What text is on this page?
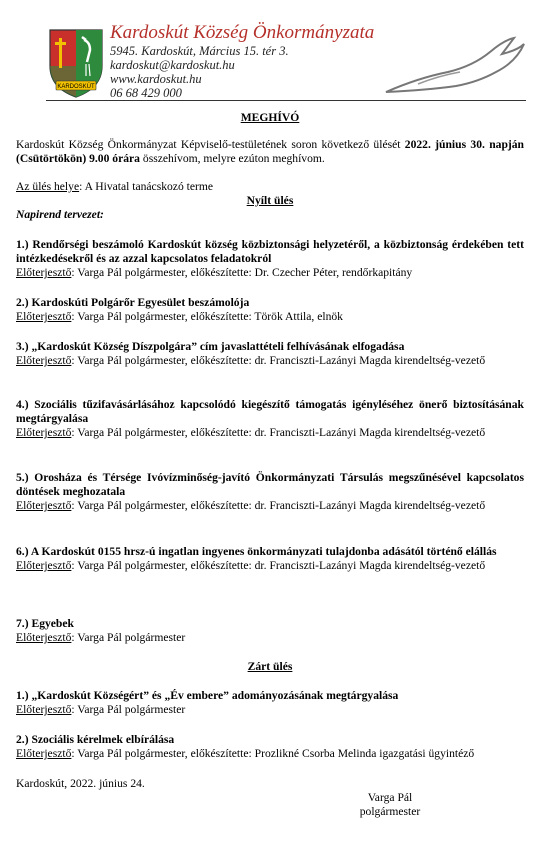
KARDOSKÚT
Kardoskút Község Önkormányzata
5945. Kardoskút, Március 15. tér 3.
kardoskut@kardoskut.hu
www.kardoskut.hu
06 68 429 000
MEGHÍVÓ
Kardoskút Község Önkormányzat Képviselő-testületének soron következő ülését 2022. június 30. napján (Csütörtökön) 9.00 órára összehívom, melyre ezúton meghívom.
Az ülés helye: A Hivatal tanácskozó terme
Nyílt ülés
Napirend tervezet:
1.) Rendőrségi beszámoló Kardoskút község közbiztonsági helyzetéről, a közbiztonság érdekében tett intézkedésekről és az azzal kapcsolatos feladatokról
Előterjesztő: Varga Pál polgármester, előkészítette: Dr. Czecher Péter, rendőrkapitány
2.) Kardoskúti Polgárőr Egyesület beszámolója
Előterjesztő: Varga Pál polgármester, előkészítette: Török Attila, elnök
3.) „Kardoskút Község Díszpolgára” cím javaslattételi felhívásának elfogadása
Előterjesztő: Varga Pál polgármester, előkészítette: dr. Franciszti-Lazányi Magda kirendeltség-vezető
4.) Szociális tűzifavásárlásához kapcsolódó kiegészítő támogatás igényléséhez önerő biztosításának megtárgyalása
Előterjesztő: Varga Pál polgármester, előkészítette: dr. Franciszti-Lazányi Magda kirendeltség-vezető
5.) Orosháza és Térsége Ivóvízminőség-javító Önkormányzati Társulás megszűnésével kapcsolatos döntések meghozatala
Előterjesztő: Varga Pál polgármester, előkészítette: dr. Franciszti-Lazányi Magda kirendeltség-vezető
6.) A Kardoskút 0155 hrsz-ú ingatlan ingyenes önkormányzati tulajdonba adásától történő elállás
Előterjesztő: Varga Pál polgármester, előkészítette: dr. Franciszti-Lazányi Magda kirendeltség-vezető
7.) Egyebek
Előterjesztő: Varga Pál polgármester
Zárt ülés
1.) „Kardoskút Községért” és „Év embere” adományozásának megtárgyalása
Előterjesztő: Varga Pál polgármester
2.) Szociális kérelmek elbírálása
Előterjesztő: Varga Pál polgármester, előkészítette: Prozlikné Csorba Melinda igazgatási ügyintéző
Kardoskút, 2022. június 24.
Varga Pál
polgármester
